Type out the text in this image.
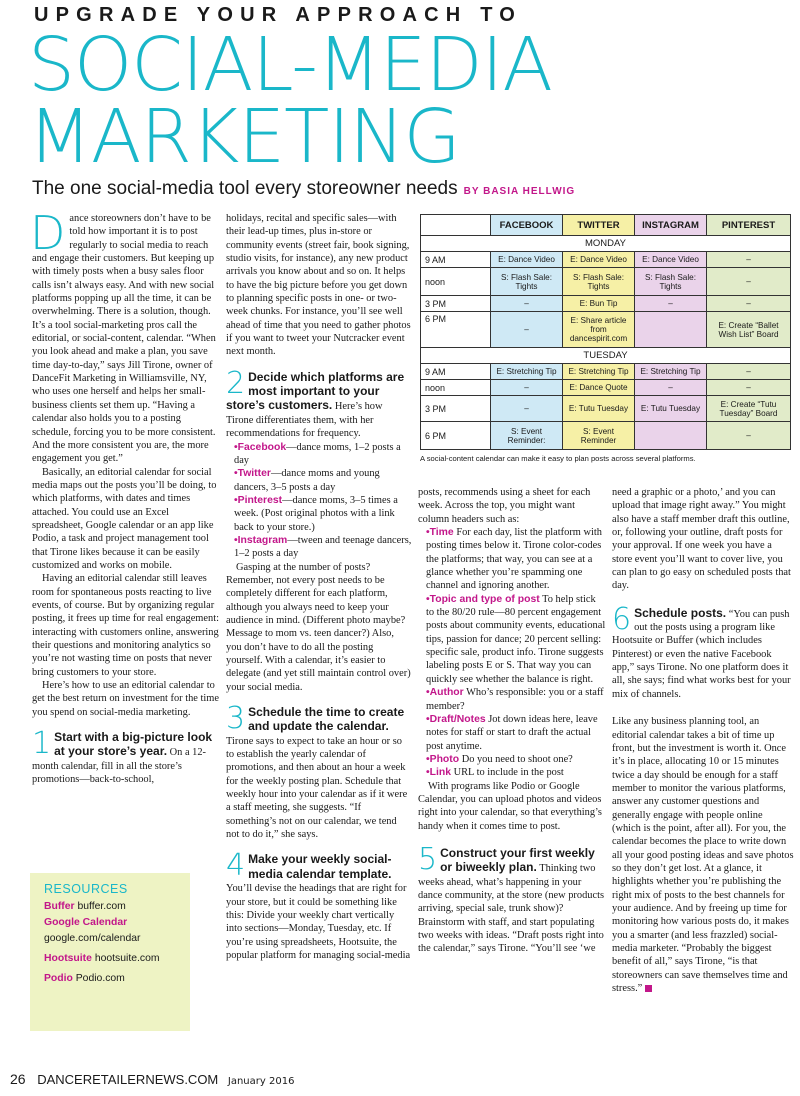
UPGRADE YOUR APPROACH TO
SOCIAL-MEDIA
MARKETING
The one social-media tool every storeowner needs BY BASIA HELLWIG
D ance storeowners don’t have to be told how important it is to post regularly to social media to reach and engage their customers. But keeping up with timely posts when a busy sales floor calls isn’t always easy. And with new social platforms popping up all the time, it can be overwhelming. There is a solution, though. It’s a tool social-marketing pros call the editorial, or social-content, calendar. “When you look ahead and make a plan, you save time day-to-day,” says Jill Tirone, owner of DanceFit Marketing in Williamsville, NY, who uses one herself and helps her small-business clients set them up. “Having a calendar also holds you to a posting schedule, forcing you to be more consistent. And the more consistent you are, the more engagement you get.”

Basically, an editorial calendar for social media maps out the posts you’ll be doing, to which platforms, with dates and times attached. You could use an Excel spreadsheet, Google calendar or an app like Podio, a task and project management tool that Tirone likes because it can be easily customized and works on mobile.

Having an editorial calendar still leaves room for spontaneous posts reacting to live events, of course. But by organizing regular posting, it frees up time for real engagement: interacting with customers online, answering their questions and monitoring analytics so you’re not wasting time on posts that never bring customers to your store.

Here’s how to use an editorial calendar to get the best return on investment for the time you spend on social-media marketing.

1 Start with a big-picture look at your store’s year. On a 12-month calendar, fill in all the store’s promotions—back-to-school,
RESOURCES
Buffer buffer.com
Google Calendar
google.com/calendar
Hootsuite hootsuite.com
Podio Podio.com

holidays, recital and specific sales—with their lead-up times, plus in-store or community events (street fair, book signing, studio visits, for instance), any new product arrivals you know about and so on. It helps to have the big picture before you get down to planning specific posts in one- or two-week chunks. For instance, you’ll see well ahead of time that you need to gather photos if you want to tweet your Nutcracker event next month.

2 Decide which platforms are most important to your store’s customers. Here’s how Tirone differentiates them, with her recommendations for frequency.
• Facebook—dance moms, 1–2 posts a day
• Twitter—dance moms and young dancers, 3–5 posts a day
• Pinterest—dance moms, 3–5 times a week. (Post original photos with a link back to your store.)
• Instagram—tween and teenage dancers, 1–2 posts a day

Gasping at the number of posts? Remember, not every post needs to be completely different for each platform, although you always need to keep your audience in mind. (Different photo maybe? Message to mom vs. teen dancer?) Also, you don’t have to do all the posting yourself. With a calendar, it’s easier to delegate (and yet still maintain control over) your social media.

3 Schedule the time to create and update the calendar. Tirone says to expect to take an hour or so to establish the yearly calendar of promotions, and then about an hour a week for the weekly posting plan. Schedule that weekly hour into your calendar as if it were a staff meeting, she suggests. “If something’s not on our calendar, we tend not to do it,” she says.
4 Make your weekly social-media calendar template. You’ll devise the headings that are right for your store, but it could be something like this: Divide your weekly chart vertically into sections—Monday, Tuesday, etc. If you’re using spreadsheets, Hootsuite, the popular platform for managing social-media
	FACEBOOK	TWITTER	INSTAGRAM	PINTEREST
MONDAY				
9 AM	E: Dance Video	E: Dance Video	E: Dance Video	–
noon	S: Flash Sale: Tights	S: Flash Sale: Tights	S: Flash Sale: Tights	–
3 PM	–	E: Bun Tip	–	–
6 PM	–	E: Share article from dancespirit.com		E: Create “Ballet Wish List” Board
TUESDAY				
9 AM	E: Stretching Tip	E: Stretching Tip	E: Stretching Tip	–
noon	–	E: Dance Quote	–	–
3 PM	–	E: Tutu Tuesday	E: Tutu Tuesday	E: Create “Tutu Tuesday” Board
6 PM	S: Event Reminder:	S: Event Reminder		–
A social-content calendar can make it easy to plan posts across several platforms.

posts, recommends using a sheet for each week. Across the top, you might want column headers such as:

• Time For each day, list the platform with posting times below it. Tirone color-codes the platforms; that way, you can see at a glance whether you’re spamming one channel and ignoring another.
• Topic and type of post To help stick to the 80/20 rule—80 percent engagement posts about community events, educational tips, passion for dance; 20 percent selling: specific sale, product info. Tirone suggests labeling posts E or S. That way you can quickly see whether the balance is right.
• Author Who’s responsible: you or a staff member?
• Draft/Notes Jot down ideas here, leave notes for staff or start to draft the actual post anytime.
• Photo Do you need to shoot one?
• Link URL to include in the post

With programs like Podio or Google Calendar, you can upload photos and videos right into your calendar, so that everything’s handy when it comes time to post.

5 Construct your first weekly or biweekly plan. Thinking two weeks ahead, what’s happening in your dance community, at the store (new products arriving, special sale, trunk show)? Brainstorm with staff, and start populating two weeks with ideas. “Draft posts right into the calendar,” says Tirone. “You’ll see ‘we

need a graphic or a photo,’ and you can upload that image right away.” You might also have a staff member draft this outline, or, following your outline, draft posts for your approval. If one week you have a store event you’ll want to cover live, you can plan to go easy on scheduled posts that day.

6 Schedule posts. “You can push out the posts using a program like Hootsuite or Buffer (which includes Pinterest) or even the native Facebook app,” says Tirone. No one platform does it all, she says; find what works best for your mix of channels.

Like any business planning tool, an editorial calendar takes a bit of time up front, but the investment is worth it. Once it’s in place, allocating 10 or 15 minutes twice a day should be enough for a staff member to monitor the various platforms, answer any customer questions and generally engage with people online (which is the point, after all). For you, the calendar becomes the place to write down all your good posting ideas and save photos so they don’t get lost. At a glance, it highlights whether you’re publishing the right mix of posts to the best channels for your audience. And by freeing up time for monitoring how various posts do, it makes you a smarter (and less frazzled) social-media marketer. “Probably the biggest benefit of all,” says Tirone, “is that storeowners can save themselves time and stress.”

26 DANCERETAILERNEWS.COM January 2016
